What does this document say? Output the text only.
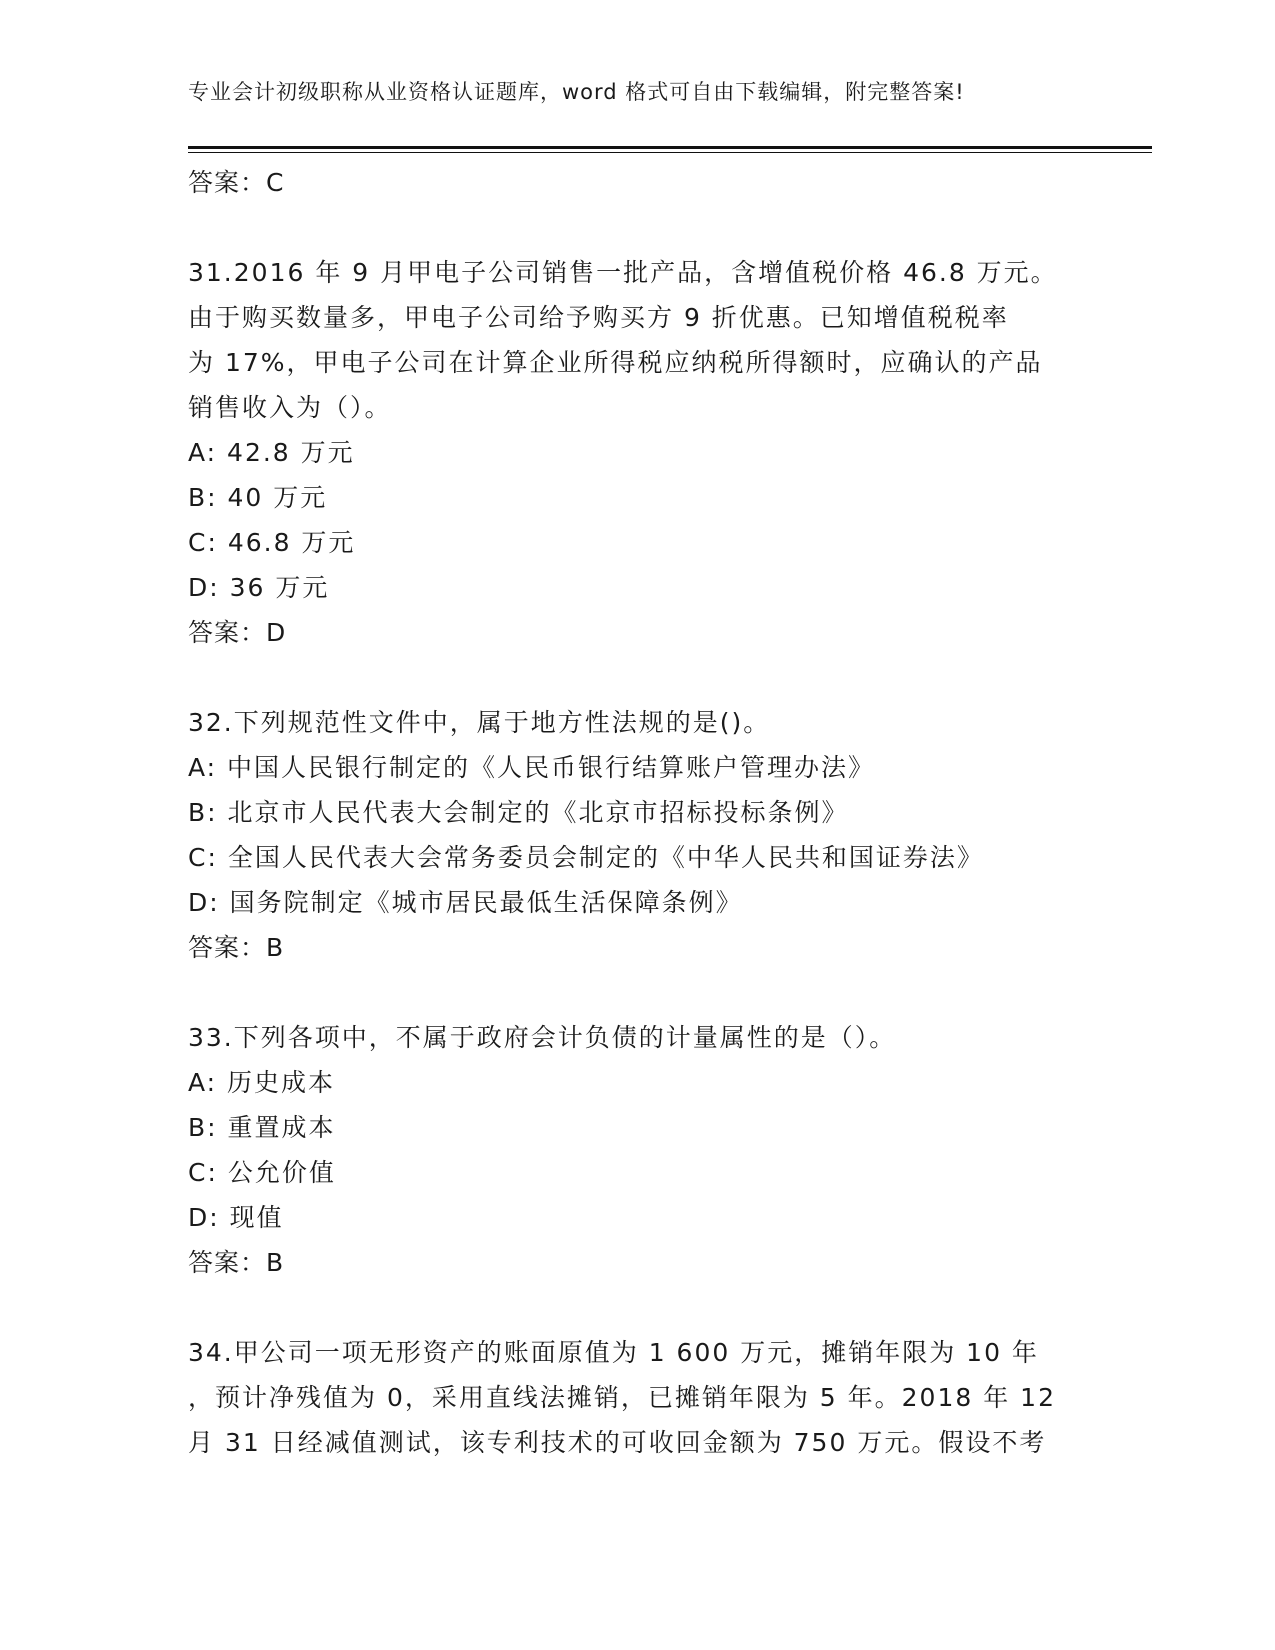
专业会计初级职称从业资格认证题库，word 格式可自由下载编辑，附完整答案!
答案：C
31.2016 年 9 月甲电子公司销售一批产品，含增值税价格 46.8 万元。
由于购买数量多，甲电子公司给予购买方 9 折优惠。已知增值税税率
为 17%，甲电子公司在计算企业所得税应纳税所得额时，应确认的产品
销售收入为（）。
A: 42.8 万元
B: 40 万元
C: 46.8 万元
D: 36 万元
答案：D
32.下列规范性文件中，属于地方性法规的是()。
A: 中国人民银行制定的《人民币银行结算账户管理办法》
B: 北京市人民代表大会制定的《北京市招标投标条例》
C: 全国人民代表大会常务委员会制定的《中华人民共和国证券法》
D: 国务院制定《城市居民最低生活保障条例》
答案：B
33.下列各项中，不属于政府会计负债的计量属性的是（）。
A: 历史成本
B: 重置成本
C: 公允价值
D: 现值
答案：B
34.甲公司一项无形资产的账面原值为 1 600 万元，摊销年限为 10 年
，预计净残值为 0，采用直线法摊销，已摊销年限为 5 年。2018 年 12
月 31 日经减值测试，该专利技术的可收回金额为 750 万元。假设不考
